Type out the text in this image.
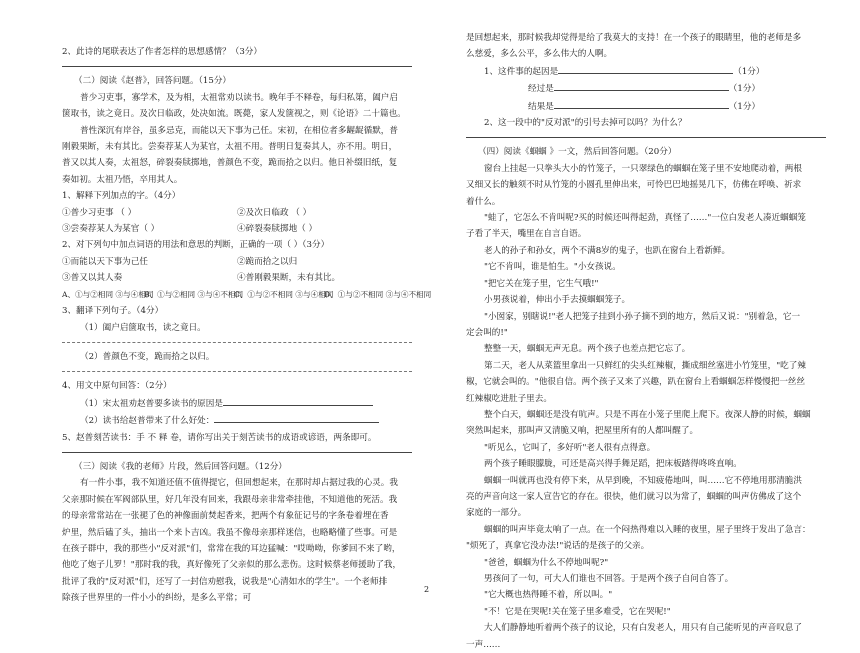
2、此诗的尾联表达了作者怎样的思想感情？（3分）
（二）阅读《赵普》，回答问题。（15分）
普少习吏事，寡学术，及为相，太祖常劝以读书。晚年手不释卷，每归私第，阖户启
箧取书，读之竟日。及次日临政，处决如流。既薨，家人发箧视之，则《论语》二十篇也。
普性深沉有岸谷，虽多忌克，而能以天下事为己任。宋初，在相位者多龌龊循默，普
刚毅果断，未有其比。尝奏荐某人为某官，太祖不用。普明日复奏其人，亦不用。明日，
普又以其人奏，太祖怒，碎裂奏牍掷地，普颜色不变，跪而拾之以归。他日补缀旧纸，复
奏如初。太祖乃悟，卒用其人。
1、解释下列加点的字。（4分）
①普少习吏事 （ ）	②及次日临政 （ ）
③尝奏荐某人为某官（ ）	④碎裂奏牍掷地（ ）
2、对下列句中加点词语的用法和意思的判断，正确的一项（ ）（3分）
①而能以天下事为己任	②跪而拾之以归
③普又以其人奏	④普刚毅果断，未有其比。
A、①与②相同 ③与④相同B、①与②相同 ③与④不相同C、①与②不相同 ③与④相同D、①与②不相同 ③与④不相同
3、翻译下列句子。（4分）
（1）阖户启箧取书，读之竟日。
（2）普颜色不变，跪而拾之以归。
4、用文中原句回答：（2分）
（1）宋太祖劝赵普要多读书的原因是
（2）读书给赵普带来了什么好处：
5、赵普刻苦读书：手 不 释 卷，请你写出关于刻苦读书的成语或谚语，两条即可。
（三）阅读《我的老师》片段，然后回答问题。（12分）
有一件小事，我不知道还值不值得提它，但回想起来，在那时却占据过我的心灵。我
父亲那时候在军阀部队里，好几年没有回来，我跟母亲非常牵挂他，不知道他的死活。我
的母亲常常站在一张褪了色的神像面前焚起香来，把两个有象征记号的字条卷着埋在香
炉里，然后磕了头，抽出一个来卜吉凶。我虽不像母亲那样迷信，也略略懂了些事。可是
在孩子群中，我的那些小"反对派"们，常常在我的耳边猛喊："哎呦呦，你爹回不来了哟，
他吃了炮子儿罗！"那时我的我，真好像死了父亲似的那么悲伤。这时候蔡老师援助了我，
批评了我的"反对派"们，还写了一封信劝慰我，说我是"心清如水的学生"。一个老师排
除孩子世界里的一件小小的纠纷，是多么平常；可
是回想起来，那时候我却觉得是给了我莫大的支持！在一个孩子的眼睛里，他的老师是多
么慈爱，多么公平，多么伟大的人啊。
1、这件事的起因是	（1分）
经过是	（1分）
结果是	（1分）
2、这一段中的"反对派"的引号去掉可以吗？为什么？
（四）阅读《蝈蝈 》一文，然后回答问题。（20分）
窗台上挂起一只拳头大小的竹笼子，一只翠绿色的蝈蝈在笼子里不安地爬动着，两根
又细又长的触须不时从竹笼的小圆孔里伸出来，可怜巴巴地摇晃几下，仿佛在呼唤、祈求
着什么。
"蛙了，它怎么不肯叫呢?买的时候还叫得起劲，真怪了……"一位白发老人凑近蝈蝈笼
子看了半天，嘴里在自言自语。
老人的孙子和孙女，两个不满8岁的鬼子，也趴在窗台上看新鲜。
"它不肯叫，谁是怕生。"小女孩说。
"把它关在笼子里，它生气哦!"
小男孩说着，伸出小手去摸蝈蝈笼子。
"小囡家，别瞎说!"老人把笼子挂到小孙子摘不到的地方，然后又说："别着急，它一
定会叫的!"
整整一天，蝈蝈无声无息。两个孩子也差点把它忘了。
第二天，老人从菜篮里拿出一只鲜红的尖头红辣椒，撕成细丝塞进小竹笼里，"吃了辣
椒，它就会叫的。"他很自信。两个孩子又来了兴趣，趴在窗台上看蝈蝈怎样慢慢把一丝丝
红辣椒吃进肚子里去。
整个白天，蝈蝈还是没有吭声。只是不再在小笼子里爬上爬下。夜深人静的时候，蝈蝈
突然叫起来，那叫声又清脆又响，把屋里所有的人都叫醒了。
"听见么，它叫了，多好听"老人很有点得意。
两个孩子睡眼朦胧，可还是高兴得手舞足蹈，把床板踏得咚咚直响。
蝈蝈一叫就再也没有停下来，从早到晚，不知疲倦地叫，叫……它不停地用那清脆洪
亮的声音向这一家人宣告它的存在。很快，他们就习以为常了，蝈蝈的叫声仿佛成了这个
家庭的一部分。
蝈蝈的叫声毕竟太响了一点。在一个闷热得难以入睡的夜里，屋子里终于发出了急言：
"烦死了，真拿它没办法!"说话的是孩子的父亲。
"爸爸，蝈蝈为什么不停地叫呢?"
男孩问了一句，可大人们谁也不回答。于是两个孩子自问自答了。
"它大概也热得睡不着，所以叫。"
"不！它是在哭呢!关在笼子里多难受，它在哭呢!"
大人们静静地听着两个孩子的议论，只有白发老人，用只有自己能听见的声音叹息了
一声……
2
